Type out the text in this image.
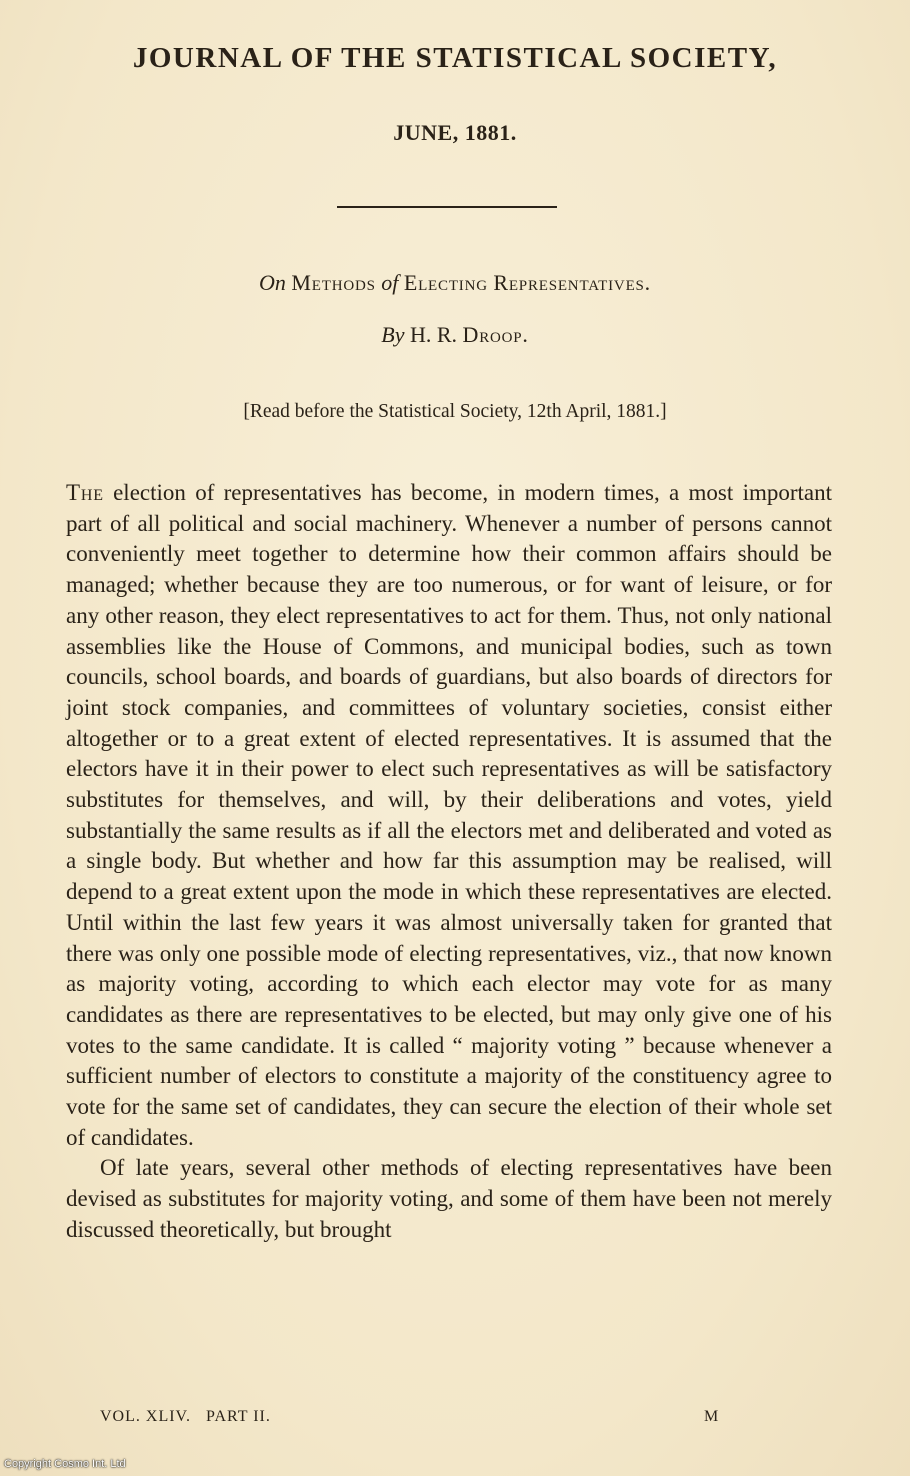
JOURNAL OF THE STATISTICAL SOCIETY,
JUNE, 1881.
On Methods of Electing Representatives.
By H. R. Droop.
[Read before the Statistical Society, 12th April, 1881.]

The election of representatives has become, in modern times, a most important part of all political and social machinery. Whenever a number of persons cannot conveniently meet together to determine how their common affairs should be managed; whether because they are too numerous, or for want of leisure, or for any other reason, they elect representatives to act for them. Thus, not only national assemblies like the House of Commons, and municipal bodies, such as town councils, school boards, and boards of guardians, but also boards of directors for joint stock companies, and committees of voluntary societies, consist either altogether or to a great extent of elected representatives. It is assumed that the electors have it in their power to elect such representatives as will be satisfactory substitutes for themselves, and will, by their deliberations and votes, yield substantially the same results as if all the electors met and deliberated and voted as a single body. But whether and how far this assumption may be realised, will depend to a great extent upon the mode in which these representatives are elected. Until within the last few years it was almost universally taken for granted that there was only one possible mode of electing representatives, viz., that now known as majority voting, according to which each elector may vote for as many candidates as there are representatives to be elected, but may only give one of his votes to the same candidate. It is called “ majority voting ” because whenever a sufficient number of electors to constitute a majority of the constituency agree to vote for the same set of candidates, they can secure the election of their whole set of candidates.

Of late years, several other methods of electing representatives have been devised as substitutes for majority voting, and some of them have been not merely discussed theoretically, but brought

VOL. XLIV. PART II.	M
Copyright Cosmo Int. Ltd
